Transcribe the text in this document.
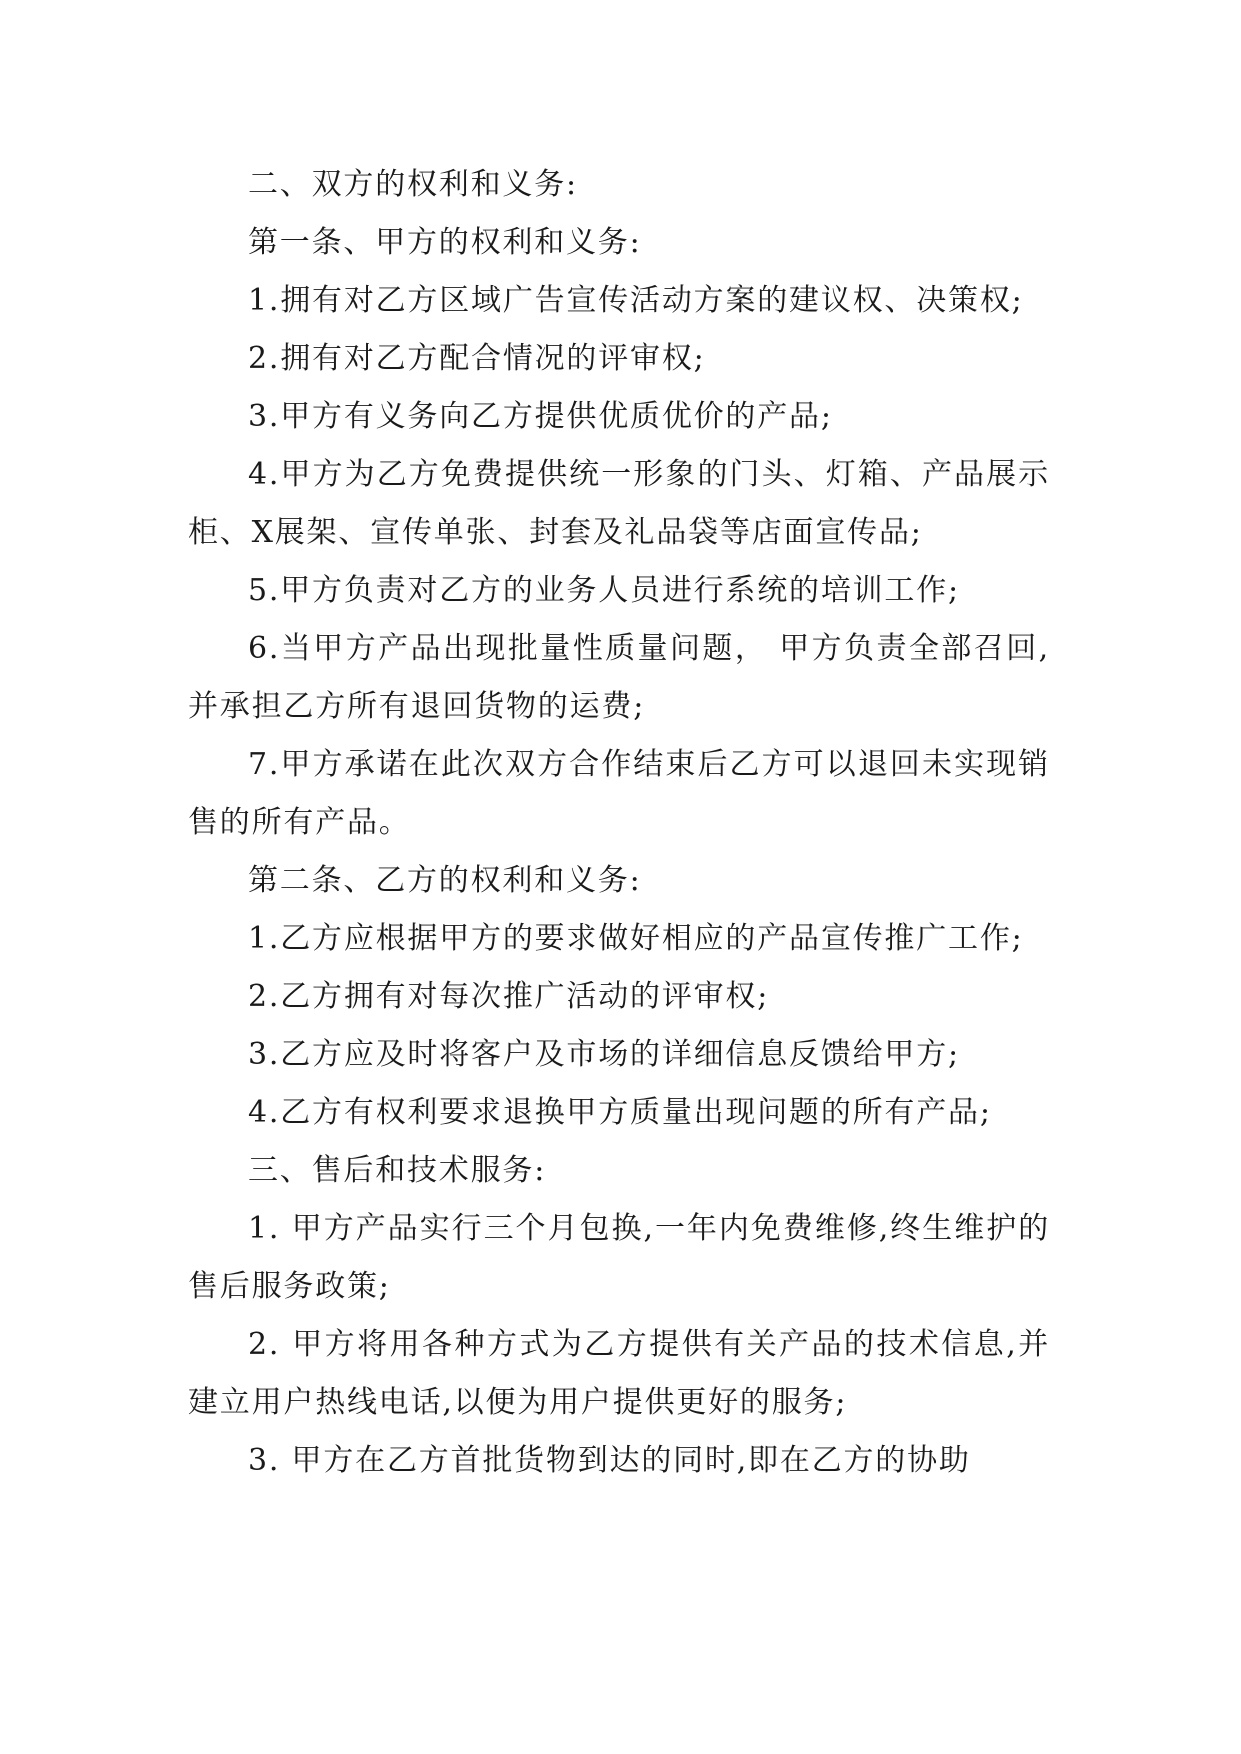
二、双方的权利和义务:

第一条、甲方的权利和义务:

1.拥有对乙方区域广告宣传活动方案的建议权、决策权;

2.拥有对乙方配合情况的评审权;

3.甲方有义务向乙方提供优质优价的产品;

4.甲方为乙方免费提供统一形象的门头、灯箱、产品展示柜、X展架、宣传单张、封套及礼品袋等店面宣传品;

5.甲方负责对乙方的业务人员进行系统的培训工作;

6.当甲方产品出现批量性质量问题， 甲方负责全部召回,并承担乙方所有退回货物的运费;

7.甲方承诺在此次双方合作结束后乙方可以退回未实现销售的所有产品。

第二条、乙方的权利和义务:

1.乙方应根据甲方的要求做好相应的产品宣传推广工作;

2.乙方拥有对每次推广活动的评审权;

3.乙方应及时将客户及市场的详细信息反馈给甲方;

4.乙方有权利要求退换甲方质量出现问题的所有产品;

三、售后和技术服务:

1. 甲方产品实行三个月包换,一年内免费维修,终生维护的售后服务政策;

2. 甲方将用各种方式为乙方提供有关产品的技术信息,并建立用户热线电话,以便为用户提供更好的服务;

3. 甲方在乙方首批货物到达的同时,即在乙方的协助
